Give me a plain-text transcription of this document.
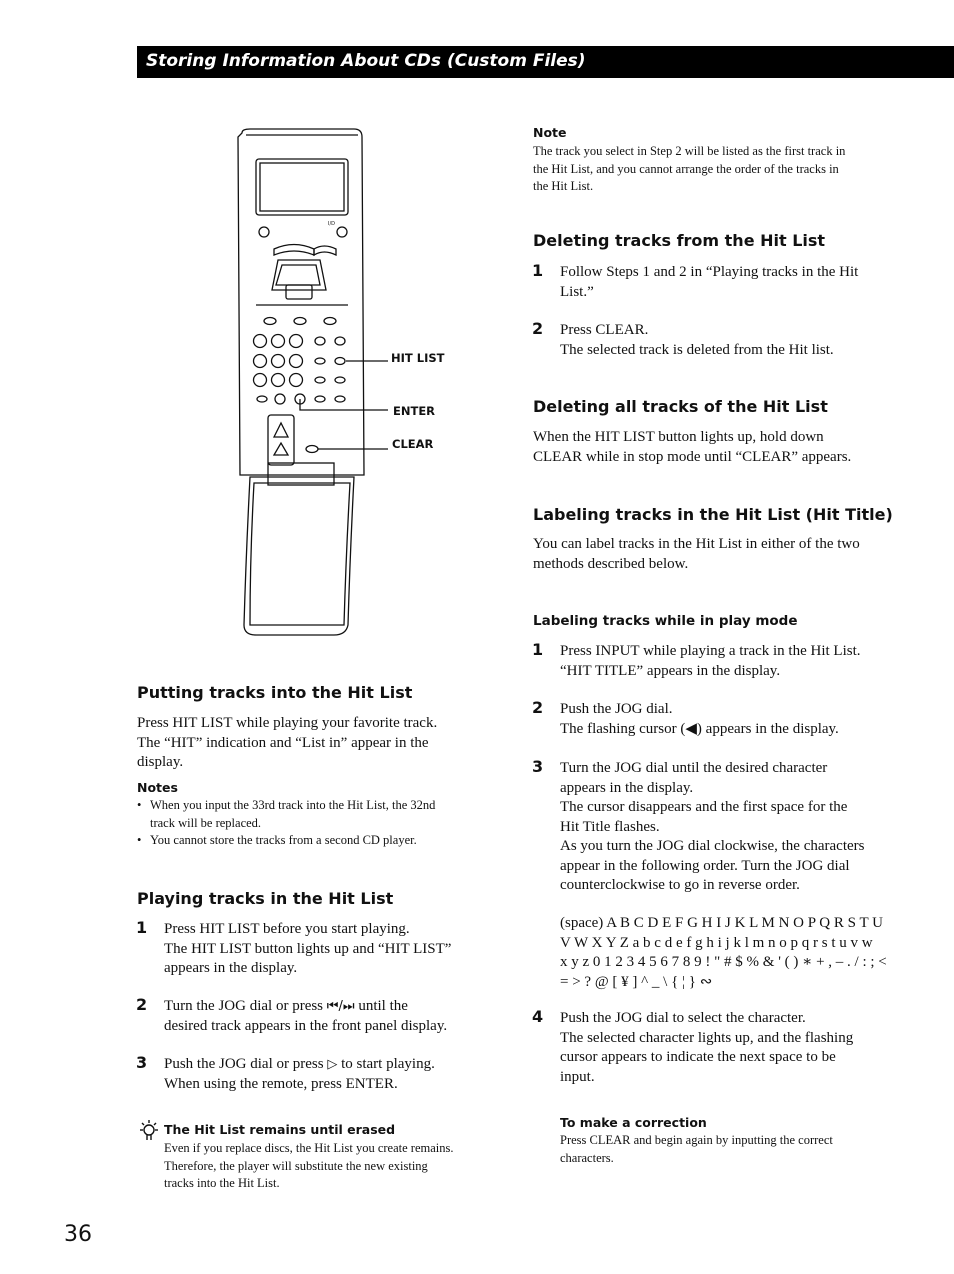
Storing Information About CDs (Custom Files)
I/D
HIT LIST
ENTER
CLEAR
Putting tracks into the Hit List
Press HIT LIST while playing your favorite track.
The “HIT” indication and “List in” appear in the
display.
Notes
• When you input the 33rd track into the Hit List, the 32nd
track will be replaced.
• You cannot store the tracks from a second CD player.
Playing tracks in the Hit List
1 Press HIT LIST before you start playing.
The HIT LIST button lights up and “HIT LIST”
appears in the display.
2 Turn the JOG dial or press ⏮/⏭ until the
desired track appears in the front panel display.
3 Push the JOG dial or press ▷ to start playing.
When using the remote, press ENTER.
The Hit List remains until erased
Even if you replace discs, the Hit List you create remains.
Therefore, the player will substitute the new existing
tracks into the Hit List.
Note
The track you select in Step 2 will be listed as the first track in
the Hit List, and you cannot arrange the order of the tracks in
the Hit List.
Deleting tracks from the Hit List
1 Follow Steps 1 and 2 in “Playing tracks in the Hit
List.”
2 Press CLEAR.
The selected track is deleted from the Hit list.
Deleting all tracks of the Hit List
When the HIT LIST button lights up, hold down
CLEAR while in stop mode until “CLEAR” appears.
Labeling tracks in the Hit List (Hit Title)
You can label tracks in the Hit List in either of the two
methods described below.
Labeling tracks while in play mode
1 Press INPUT while playing a track in the Hit List.
“HIT TITLE” appears in the display.
2 Push the JOG dial.
The flashing cursor (◀) appears in the display.
3 Turn the JOG dial until the desired character
appears in the display.
The cursor disappears and the first space for the
Hit Title flashes.
As you turn the JOG dial clockwise, the characters
appear in the following order. Turn the JOG dial
counterclockwise to go in reverse order.
(space) A B C D E F G H I J K L M N O P Q R S T U
V W X Y Z a b c d e f g h i j k l m n o p q r s t u v w
x y z 0 1 2 3 4 5 6 7 8 9 ! " # $ % & ' ( ) ∗ + , – . / : ; <
= > ? @ [ ¥ ] ^ _ \ { ¦ } ∾
4 Push the JOG dial to select the character.
The selected character lights up, and the flashing
cursor appears to indicate the next space to be
input.
To make a correction
Press CLEAR and begin again by inputting the correct
characters.
36
